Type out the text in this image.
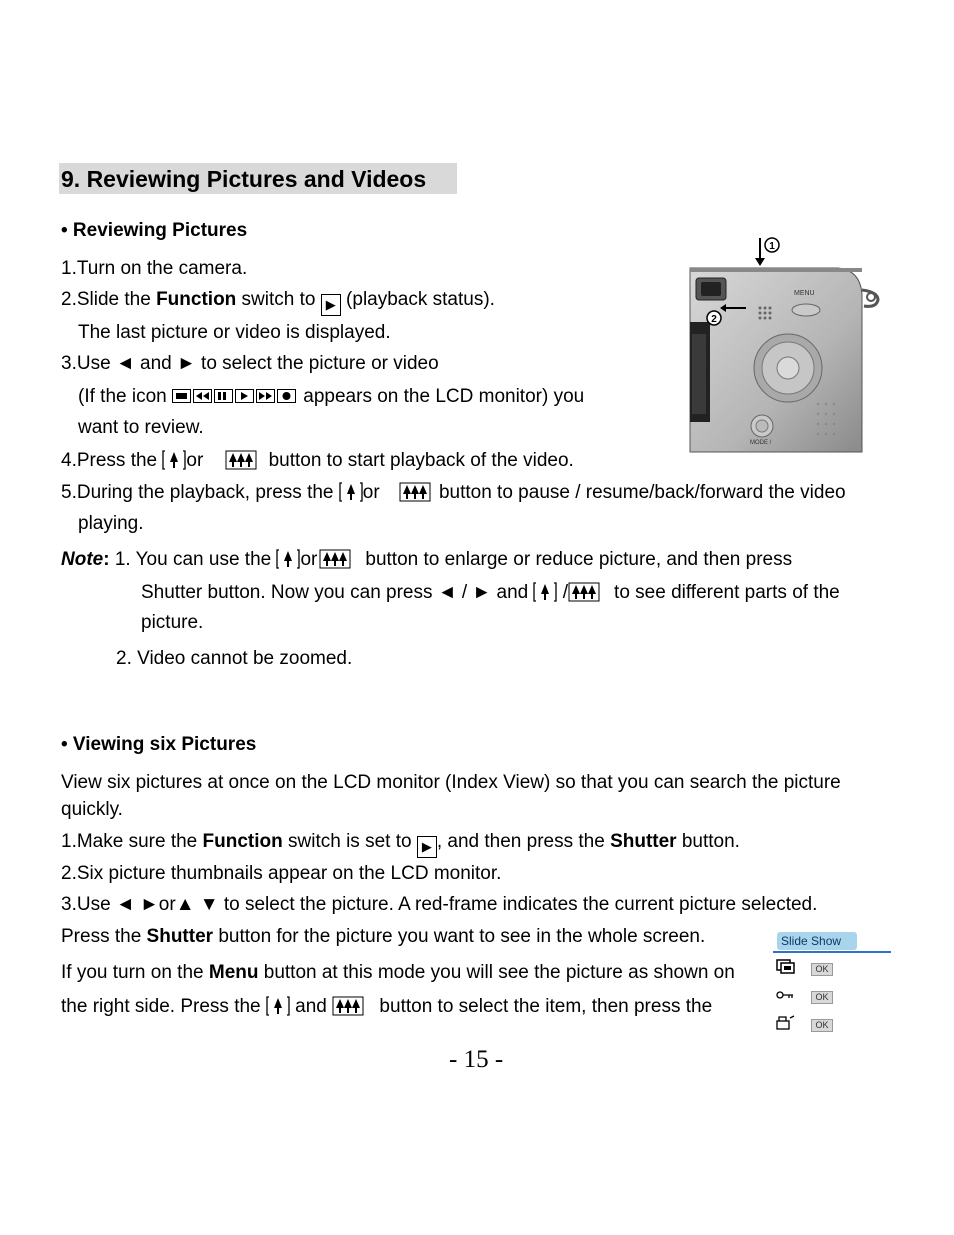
9. Reviewing Pictures and Videos
• Reviewing Pictures
1.Turn on the camera.
2.Slide the Function switch to ▶ (playback status).
The last picture or video is displayed.
3.Use ◄ and ► to select the picture or video
(If the icon	appears on the LCD monitor) you
want to review.
4.Press the or	button to start playback of the video.
5.During the playback, press the or	button to pause / resume/back/forward the video
playing.
Note: 1. You can use the or	button to enlarge or reduce picture, and then press
Shutter button. Now you can press ◄ / ► and  / to see different parts of the
picture.
2. Video cannot be zoomed.
MENU
MODE /
1
2
• Viewing six Pictures
View six pictures at once on the LCD monitor (Index View) so that you can search the picture
quickly.
1.Make sure the Function switch is set to ▶ , and then press the Shutter button.
2.Six picture thumbnails appear on the LCD monitor.
3.Use ◄ ►or▲ ▼ to select the picture. A red-frame indicates the current picture selected.
Press the Shutter button for the picture you want to see in the whole screen.
If you turn on the Menu button at this mode you will see the picture as shown on
the right side. Press the  and  button to select the item, then press the
Slide Show
OK
OK
OK
- 15 -
